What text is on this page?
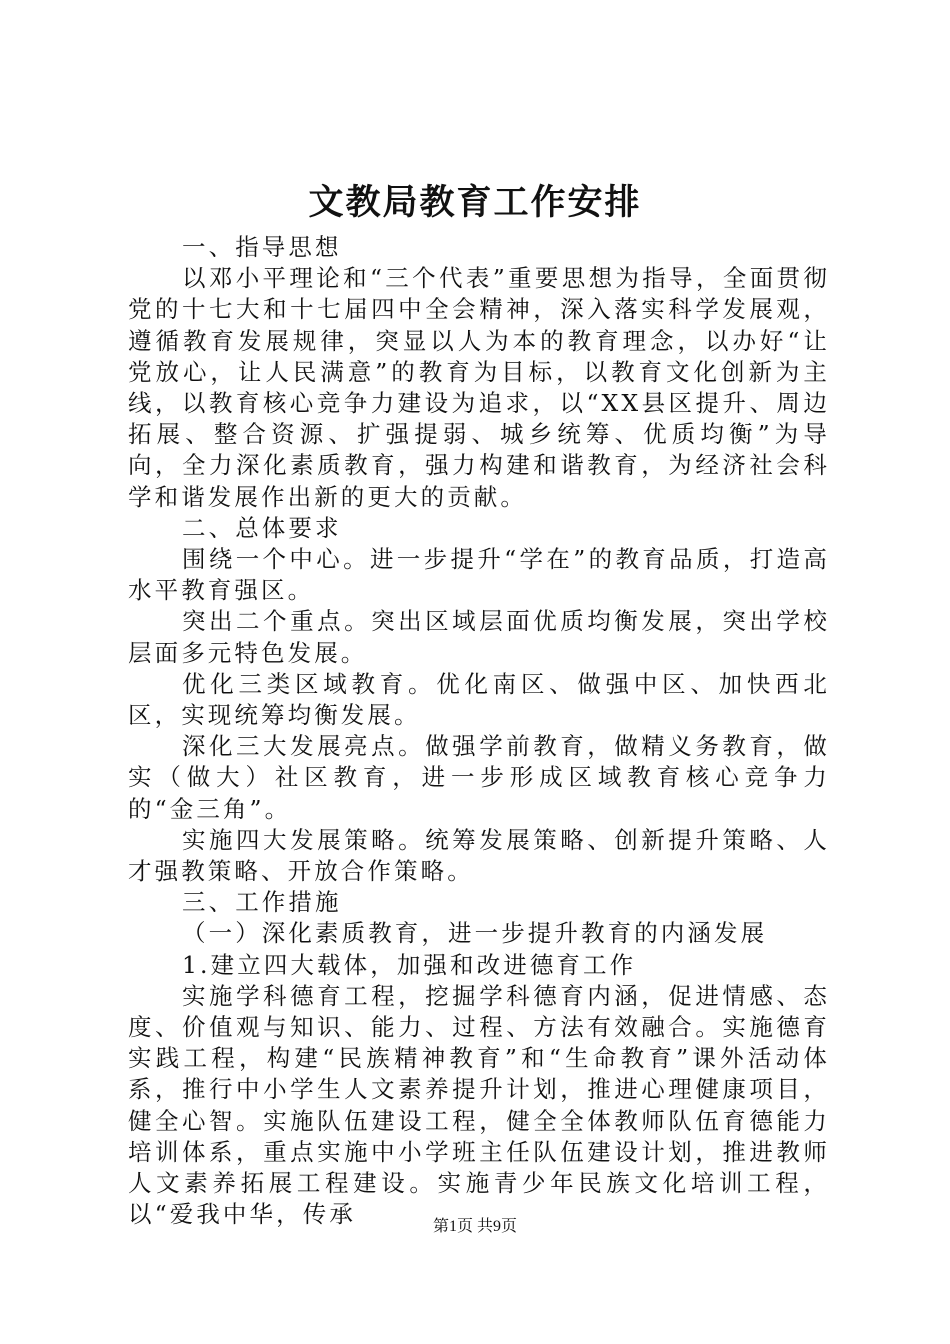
文教局教育工作安排

一、指导思想

以邓小平理论和“三个代表”重要思想为指导，全面贯彻党的十七大和十七届四中全会精神，深入落实科学发展观，遵循教育发展规律，突显以人为本的教育理念，以办好“让党放心，让人民满意”的教育为目标，以教育文化创新为主线，以教育核心竞争力建设为追求，以“XX县区提升、周边拓展、整合资源、扩强提弱、城乡统筹、优质均衡”为导向，全力深化素质教育，强力构建和谐教育，为经济社会科学和谐发展作出新的更大的贡献。

二、总体要求

围绕一个中心。进一步提升“学在”的教育品质，打造高水平教育强区。

突出二个重点。突出区域层面优质均衡发展，突出学校层面多元特色发展。

优化三类区域教育。优化南区、做强中区、加快西北区，实现统筹均衡发展。

深化三大发展亮点。做强学前教育，做精义务教育，做实（做大）社区教育，进一步形成区域教育核心竞争力的“金三角”。

实施四大发展策略。统筹发展策略、创新提升策略、人才强教策略、开放合作策略。

三、工作措施

（一）深化素质教育，进一步提升教育的内涵发展

1.建立四大载体，加强和改进德育工作

实施学科德育工程，挖掘学科德育内涵，促进情感、态度、价值观与知识、能力、过程、方法有效融合。实施德育实践工程，构建“民族精神教育”和“生命教育”课外活动体系，推行中小学生人文素养提升计划，推进心理健康项目，健全心智。实施队伍建设工程，健全全体教师队伍育德能力培训体系，重点实施中小学班主任队伍建设计划，推进教师人文素养拓展工程建设。实施青少年民族文化培训工程，以“爱我中华，传承	第1页 共9页
